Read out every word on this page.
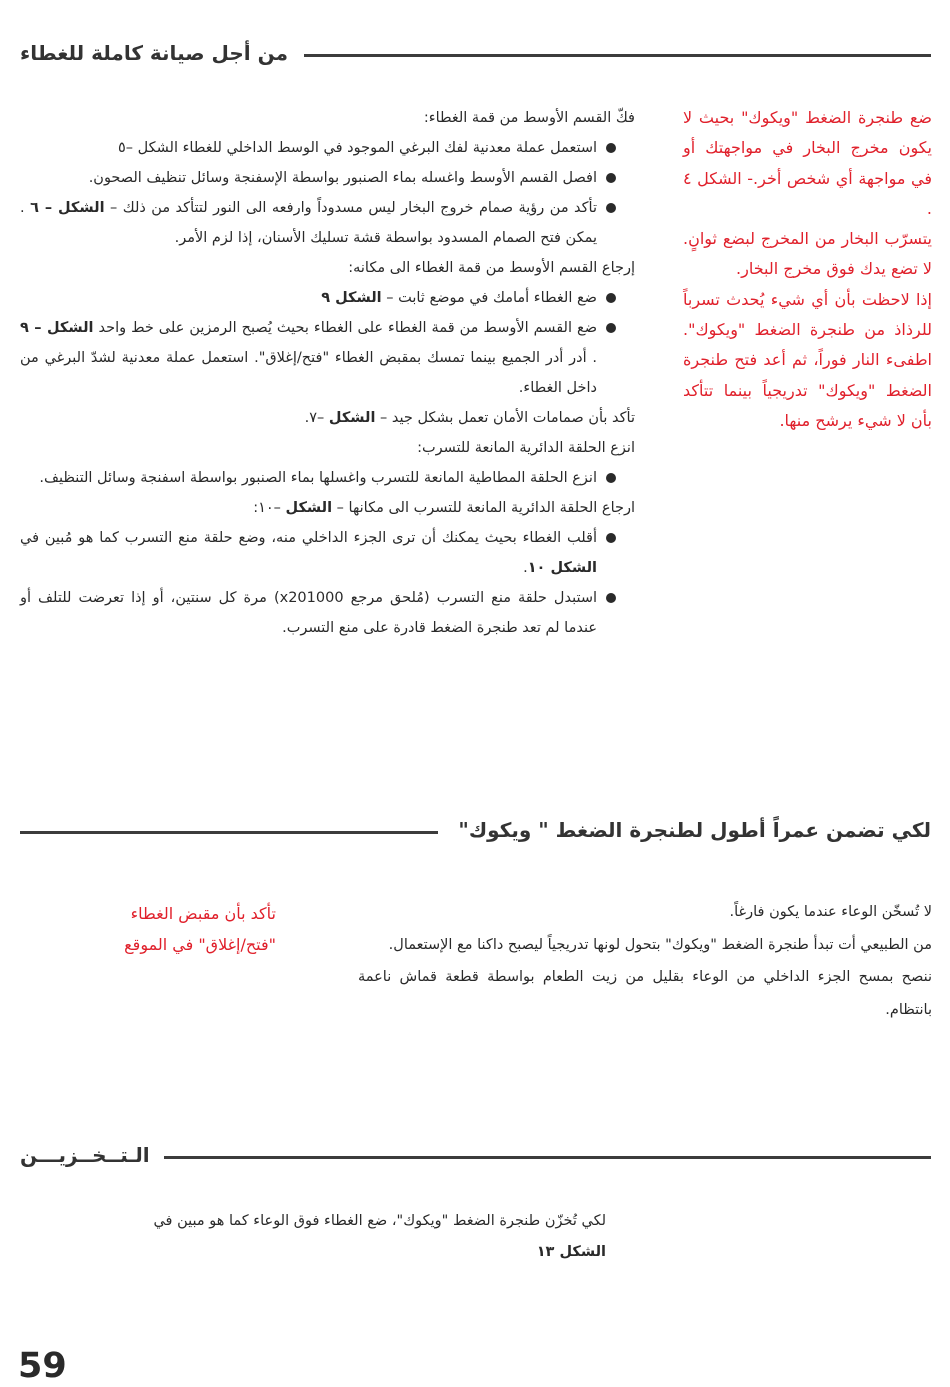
من أجل صيانة كاملة للغطاء

ضع طنجرة الضغط "ويكوك" بحيث لا يكون مخرج البخار في مواجهتك أو في مواجهة أي شخص أخر.- الشكل ٤ .

يتسرّب البخار من المخرج لبضع ثوانٍ. لا تضع يدك فوق مخرج البخار.

إذا لاحظت بأن أي شيء يُحدث تسرباً للرذاذ من طنجرة الضغط "ويكوك". اطفىء النار فوراً، ثم أعد فتح طنجرة الضغط "ويكوك" تدريجياً بينما تتأكد بأن لا شيء يرشح منها.

فكّ القسم الأوسط من قمة الغطاء:

استعمل عملة معدنية لفك البرغي الموجود في الوسط الداخلي للغطاء الشكل –٥

افصل القسم الأوسط واغسله بماء الصنبور بواسطة الإسفنجة وسائل تنظيف الصحون.

تأكد من رؤية صمام خروج البخار ليس مسدوداً وارفعه الى النور لتتأكد من ذلك – الشكل – ٦ . يمكن فتح الصمام المسدود بواسطة قشة تسليك الأسنان، إذا لزم الأمر.

إرجاع القسم الأوسط من قمة الغطاء الى مكانه:

ضع الغطاء أمامك في موضع ثابت – الشكل ٩

ضع القسم الأوسط من قمة الغطاء على الغطاء بحيث يُصبح الرمزين على خط واحد الشكل – ٩ . أدر أدر الجميع بينما تمسك بمقبض الغطاء "فتح/إغلاق". استعمل عملة معدنية لشدّ البرغي من داخل الغطاء.

تأكد بأن صمامات الأمان تعمل بشكل جيد – الشكل –٧.

انزع الحلقة الدائرية المانعة للتسرب:

انزع الحلقة المطاطية المانعة للتسرب واغسلها بماء الصنبور بواسطة اسفنجة وسائل التنظيف.

ارجاع الحلقة الدائرية المانعة للتسرب الى مكانها – الشكل –١٠:

أقلب الغطاء بحيث يمكنك أن ترى الجزء الداخلي منه، وضع حلقة منع التسرب كما هو مُبين في الشكل ١٠.

استبدل حلقة منع التسرب (مُلحق مرجع x201000) مرة كل سنتين، أو إذا تعرضت للتلف أو عندما لم تعد طنجرة الضغط قادرة على منع التسرب.

لكي تضمن عمراً أطول لطنجرة الضغط " ويكوك"
تأكد بأن مقبض الغطاء
"فتح/إغلاق" في الموقع

لا تُسخّن الوعاء عندما يكون فارغاً.

من الطبيعي أت تبدأ طنجرة الضغط "ويكوك" بتحول لونها تدريجياً ليصبح داكنا مع الإستعمال.

ننصح بمسح الجزء الداخلي من الوعاء بقليل من زيت الطعام بواسطة قطعة قماش ناعمة بانتظام.

الـتــخــزيـــن
لكي تُخزّن طنجرة الضغط "ويكوك"، ضع الغطاء فوق الوعاء كما هو مبين في
الشكل ١٣
59
